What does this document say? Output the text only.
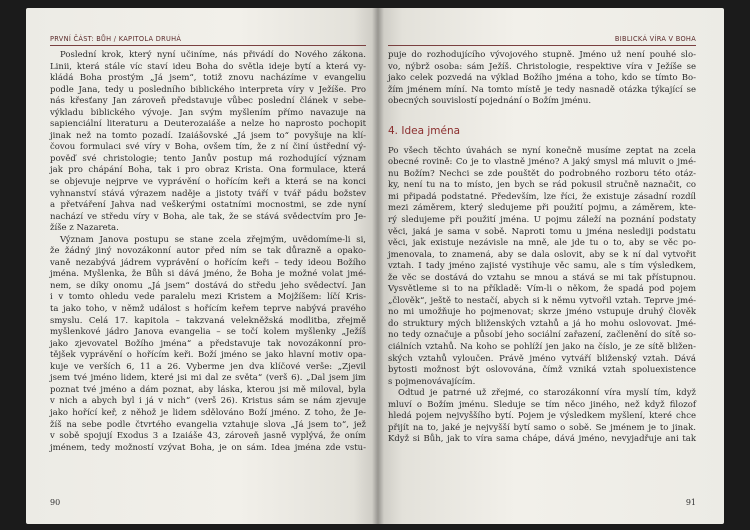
PRVNÍ ČÁST: BŮH / KAPITOLA DRUHÁ
Poslední krok, který nyní učiníme, nás přivádí do Nového zákona.
Linii, která stále víc staví ideu Boha do světla ideje bytí a která vy-
kládá Boha prostým „Já jsem“, totiž znovu nacházíme v evangeliu
podle Jana, tedy u posledního biblického interpreta víry v Ježíše. Pro
nás křesťany Jan zároveň představuje vůbec poslední článek v sebe-
výkladu biblického vývoje. Jan svým myšlením přímo navazuje na
sapienciální literaturu a Deuterozaiáše a nelze ho naprosto pochopit
jinak než na tomto pozadí. Izaiášovské „Já jsem to“ povyšuje na klí-
čovou formulaci své víry v Boha, ovšem tím, že z ní činí ústřední vý-
pověď své christologie; tento Janův postup má rozhodující význam
jak pro chápání Boha, tak i pro obraz Krista. Ona formulace, která
se objevuje nejprve ve vyprávění o hořícím keři a která se na konci
vyhnanství stává výrazem naděje a jistoty tváří v tvář pádu božstev
a přetváření Jahva nad veškerými ostatními mocnostmi, se zde nyní
nachází ve středu víry v Boha, ale tak, že se stává svědectvím pro Je-
žíše z Nazareta.
Význam Janova postupu se stane zcela zřejmým, uvědomíme-li si,
že žádný jiný novozákonní autor před ním se tak důrazně a opako-
vaně nezabývá jádrem vyprávění o hořícím keři – tedy ideou Božího
jména. Myšlenka, že Bůh si dává jméno, že Boha je možné volat jmé-
nem, se díky onomu „Já jsem“ dostává do středu jeho svědectví. Jan
i v tomto ohledu vede paralelu mezi Kristem a Mojžíšem: líčí Kris-
ta jako toho, v němž událost s hořícím keřem teprve nabývá pravého
smyslu. Celá 17. kapitola – takzvaná velekněžská modlitba, zřejmě
myšlenkové jádro Janova evangelia – se točí kolem myšlenky „Ježíš
jako zjevovatel Božího jména“ a představuje tak novozákonní pro-
tějšek vyprávění o hořícím keři. Boží jméno se jako hlavní motiv opa-
kuje ve verších 6, 11 a 26. Vyberme jen dva klíčové verše: „Zjevil
jsem tvé jméno lidem, které jsi mi dal ze světa“ (verš 6). „Dal jsem jim
poznat tvé jméno a dám poznat, aby láska, kterou jsi mě miloval, byla
v nich a abych byl i já v nich“ (verš 26). Kristus sám se nám zjevuje
jako hořící keř, z něhož je lidem sdělováno Boží jméno. Z toho, že Je-
žíš na sebe podle čtvrtého evangelia vztahuje slova „Já jsem to“, jež
v sobě spojují Exodus 3 a Izaiáše 43, zároveň jasně vyplývá, že oním
jménem, tedy možností vzývat Boha, je on sám. Idea jména zde vstu-
90
BIBLICKÁ VÍRA V BOHA
puje do rozhodujícího vývojového stupně. Jméno už není pouhé slo-
vo, nýbrž osoba: sám Ježíš. Christologie, respektive víra v Ježíše se
jako celek pozvedá na výklad Božího jména a toho, kdo se tímto Bo-
žím jménem míní. Na tomto místě je tedy nasnadě otázka týkající se
obecných souvislostí pojednání o Božím jménu.
4. Idea jména
Po všech těchto úvahách se nyní konečně musíme zeptat na zcela
obecné rovině: Co je to vlastně jméno? A jaký smysl má mluvit o jmé-
nu Božím? Nechci se zde pouštět do podrobného rozboru této otáz-
ky, není tu na to místo, jen bych se rád pokusil stručně naznačit, co
mi připadá podstatné. Především, lze říci, že existuje zásadní rozdíl
mezi záměrem, který sledujeme při použití pojmu, a záměrem, kte-
rý sledujeme při použití jména. U pojmu záleží na poznání podstaty
věci, jaká je sama v sobě. Naproti tomu u jména neslediji podstatu
věci, jak existuje nezávisle na mně, ale jde tu o to, aby se věc po-
jmenovala, to znamená, aby se dala oslovit, aby se k ní dal vytvořit
vztah. I tady jméno zajisté vystihuje věc samu, ale s tím výsledkem,
že věc se dostává do vztahu se mnou a stává se mi tak přístupnou.
Vysvětleme si to na příkladě: Vím-li o někom, že spadá pod pojem
„člověk“, ještě to nestačí, abych si k němu vytvořil vztah. Teprve jmé-
no mi umožňuje ho pojmenovat; skrze jméno vstupuje druhý člověk
do struktury mých bliženských vztahů a já ho mohu oslovovat. Jmé-
no tedy označuje a působí jeho sociální zařazení, začlenění do sítě so-
ciálních vztahů. Na koho se pohlíží jen jako na číslo, je ze sítě bližen-
ských vztahů vyloučen. Právě jméno vytváří bliženský vztah. Dává
bytosti možnost být oslovována, čímž vzniká vztah spoluexistence
s pojmenovávajícím.
Odtud je patrné už zřejmé, co starozákonní víra myslí tím, když
mluví o Božím jménu. Sleduje se tím něco jiného, než když filozof
hledá pojem nejvyššího bytí. Pojem je výsledkem myšlení, které chce
přijít na to, jaké je nejvyšší bytí samo o sobě. Se jménem je to jinak.
Když si Bůh, jak to víra sama chápe, dává jméno, nevyjadřuje ani tak
91
